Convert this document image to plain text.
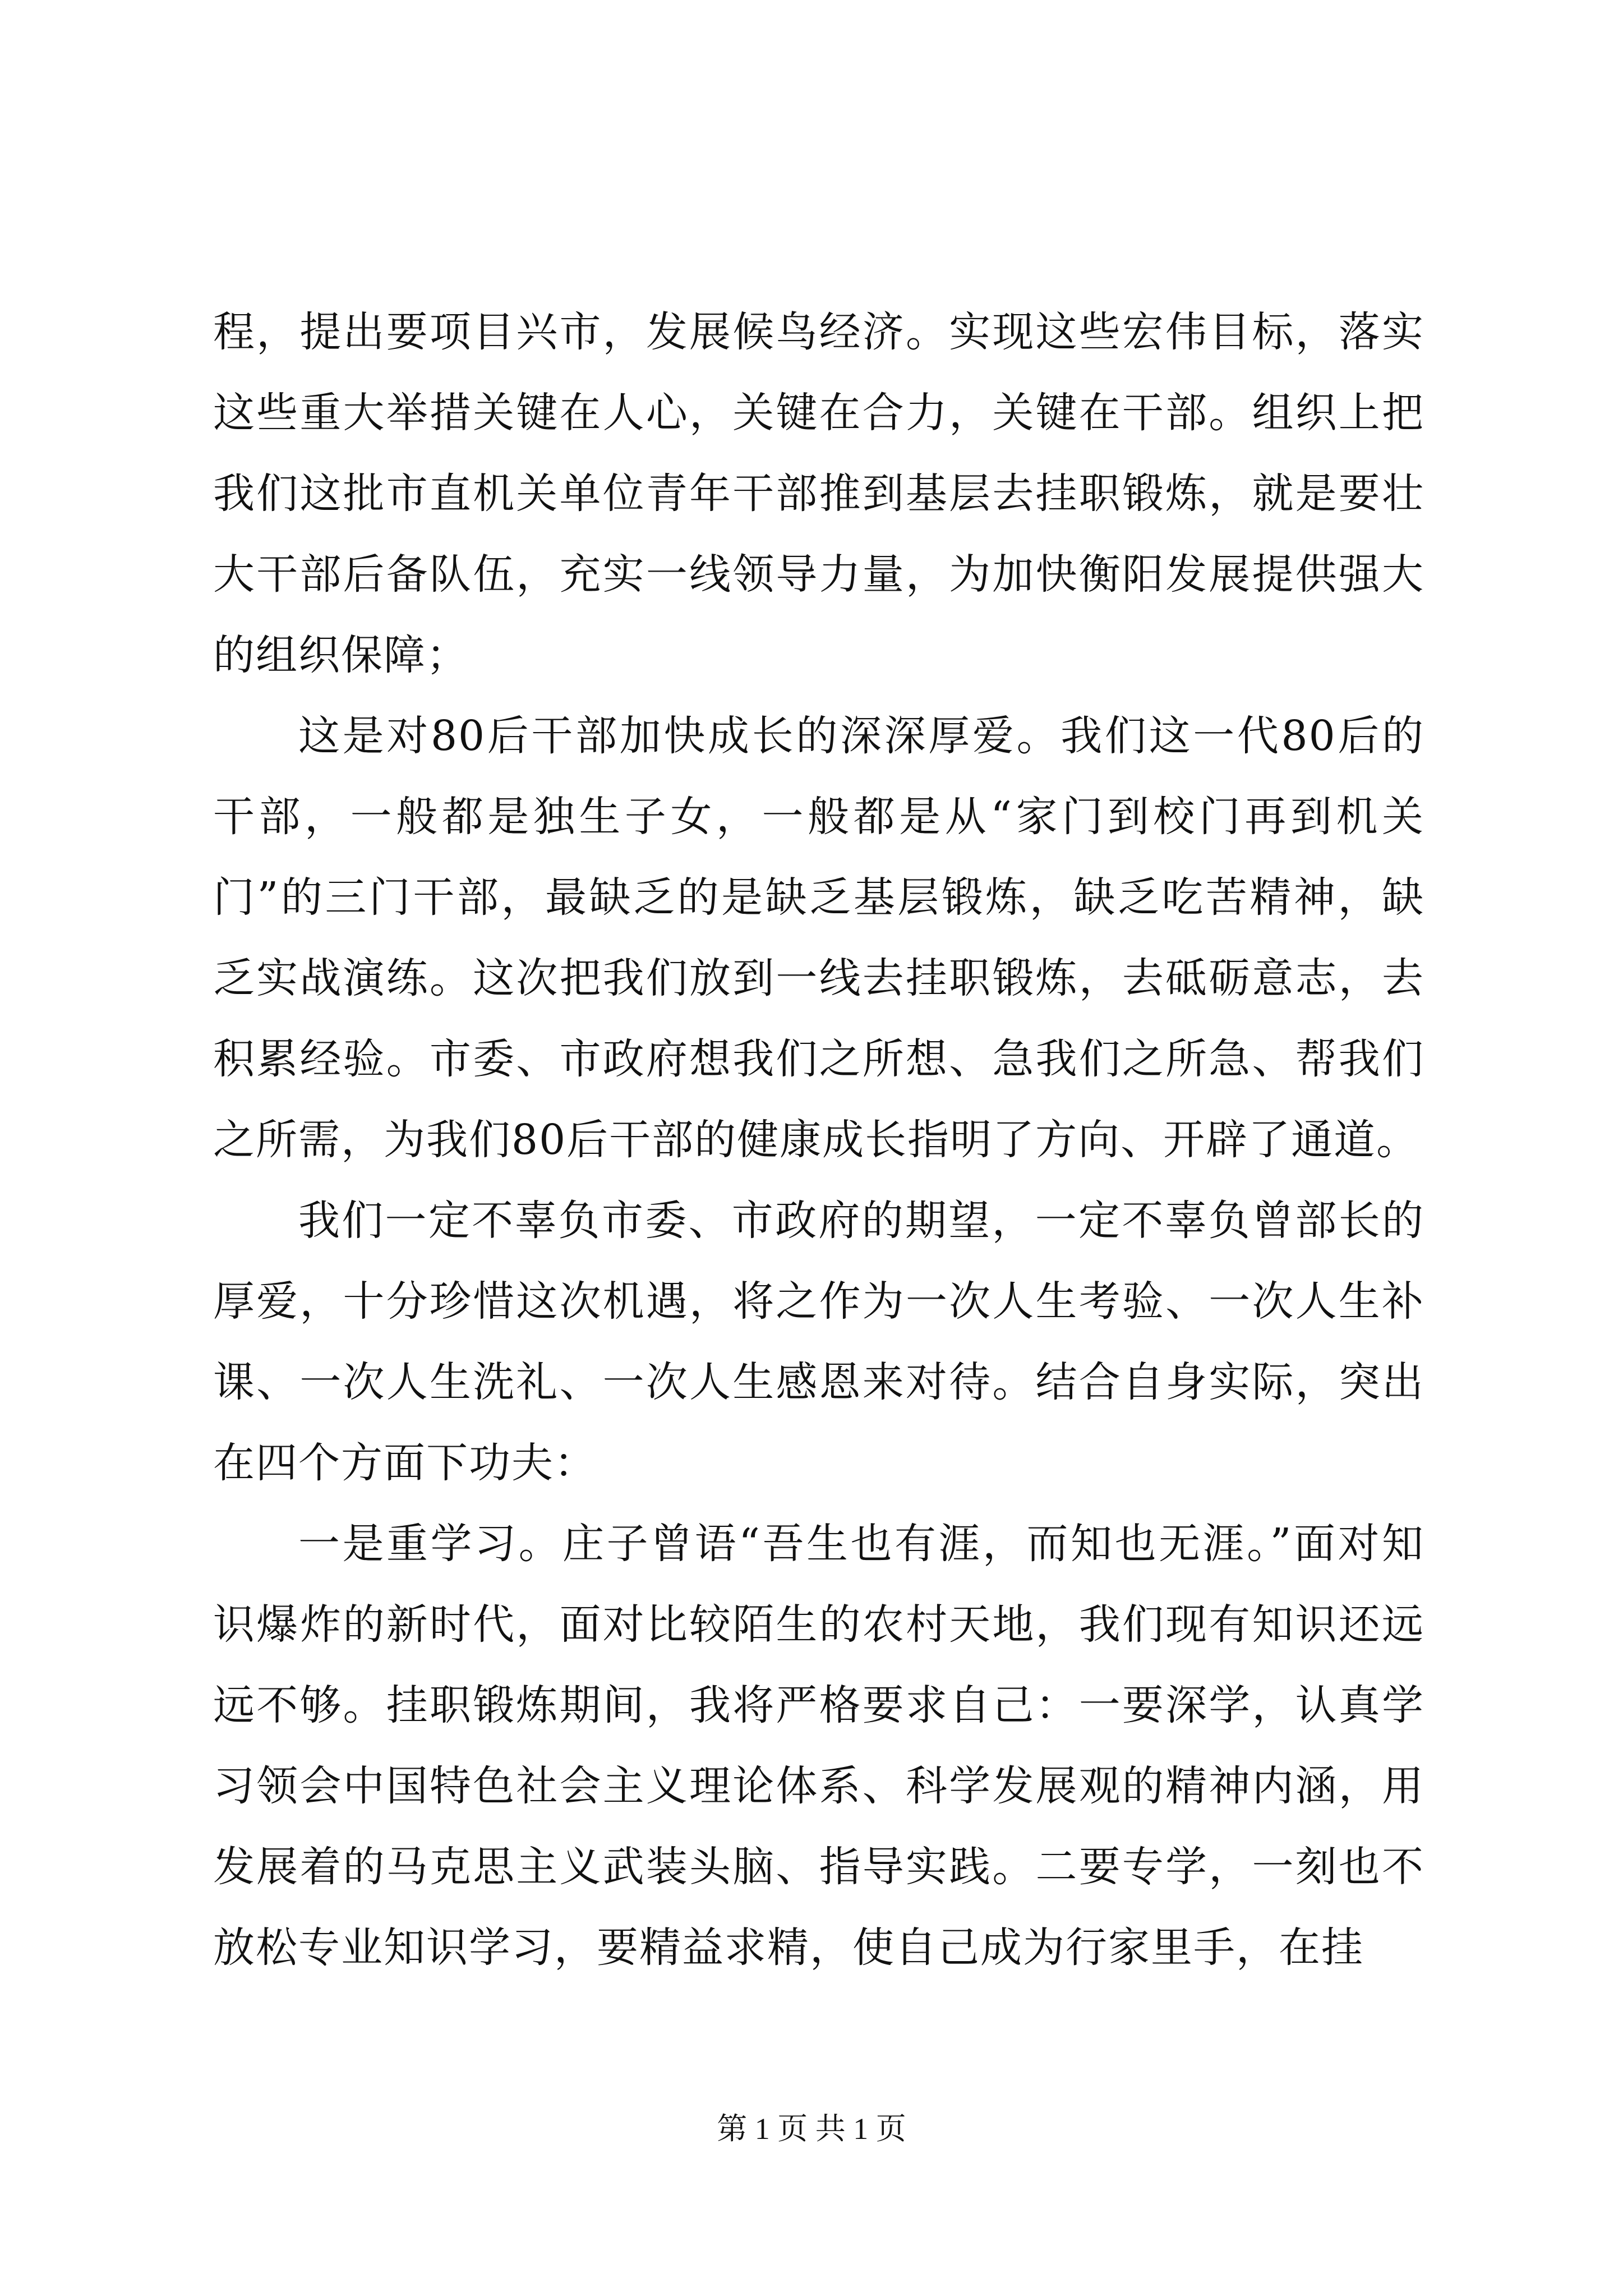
程，提出要项目兴市，发展候鸟经济。实现这些宏伟目标，落实这些重大举措关键在人心，关键在合力，关键在干部。组织上把我们这批市直机关单位青年干部推到基层去挂职锻炼，就是要壮大干部后备队伍，充实一线领导力量，为加快衡阳发展提供强大的组织保障；

这是对80后干部加快成长的深深厚爱。我们这一代80后的干部，一般都是独生子女，一般都是从“家门到校门再到机关门”的三门干部，最缺乏的是缺乏基层锻炼，缺乏吃苦精神，缺乏实战演练。这次把我们放到一线去挂职锻炼，去砥砺意志，去积累经验。市委、市政府想我们之所想、急我们之所急、帮我们之所需，为我们80后干部的健康成长指明了方向、开辟了通道。

我们一定不辜负市委、市政府的期望，一定不辜负曾部长的厚爱，十分珍惜这次机遇，将之作为一次人生考验、一次人生补课、一次人生洗礼、一次人生感恩来对待。结合自身实际，突出在四个方面下功夫：

一是重学习。庄子曾语“吾生也有涯，而知也无涯。”面对知识爆炸的新时代，面对比较陌生的农村天地，我们现有知识还远远不够。挂职锻炼期间，我将严格要求自己：一要深学，认真学习领会中国特色社会主义理论体系、科学发展观的精神内涵，用发展着的马克思主义武装头脑、指导实践。二要专学，一刻也不放松专业知识学习，要精益求精，使自己成为行家里手，在挂

第 1 页 共 1 页
